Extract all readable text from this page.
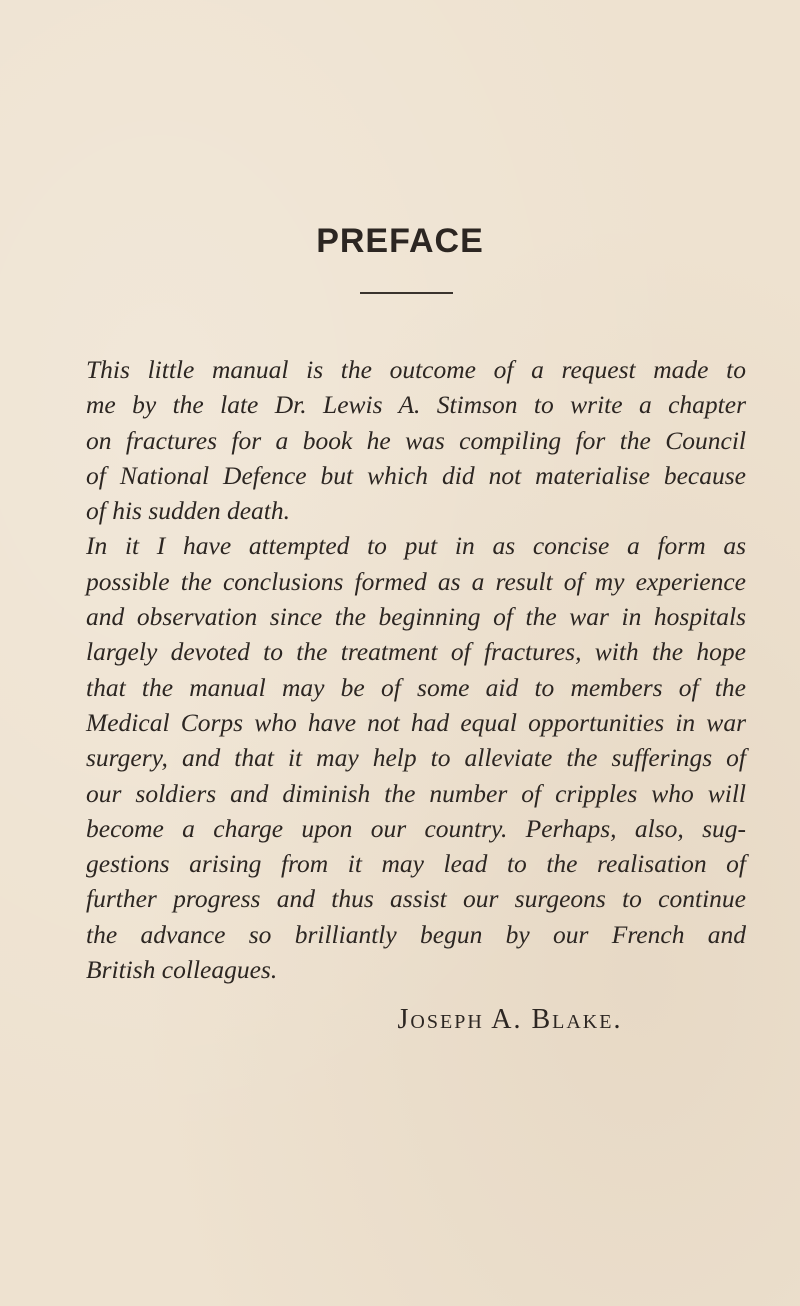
PREFACE
This little manual is the outcome of a request made to
me by the late Dr. Lewis A. Stimson to write a chapter
on fractures for a book he was compiling for the Council
of National Defence but which did not materialise because
of his sudden death.
In it I have attempted to put in as concise a form as
possible the conclusions formed as a result of my experience
and observation since the beginning of the war in hospitals
largely devoted to the treatment of fractures, with the hope
that the manual may be of some aid to members of the
Medical Corps who have not had equal opportunities in war
surgery, and that it may help to alleviate the sufferings of
our soldiers and diminish the number of cripples who will
become a charge upon our country. Perhaps, also, sug-
gestions arising from it may lead to the realisation of
further progress and thus assist our surgeons to continue
the advance so brilliantly begun by our French and
British colleagues.
Joseph A. Blake.
